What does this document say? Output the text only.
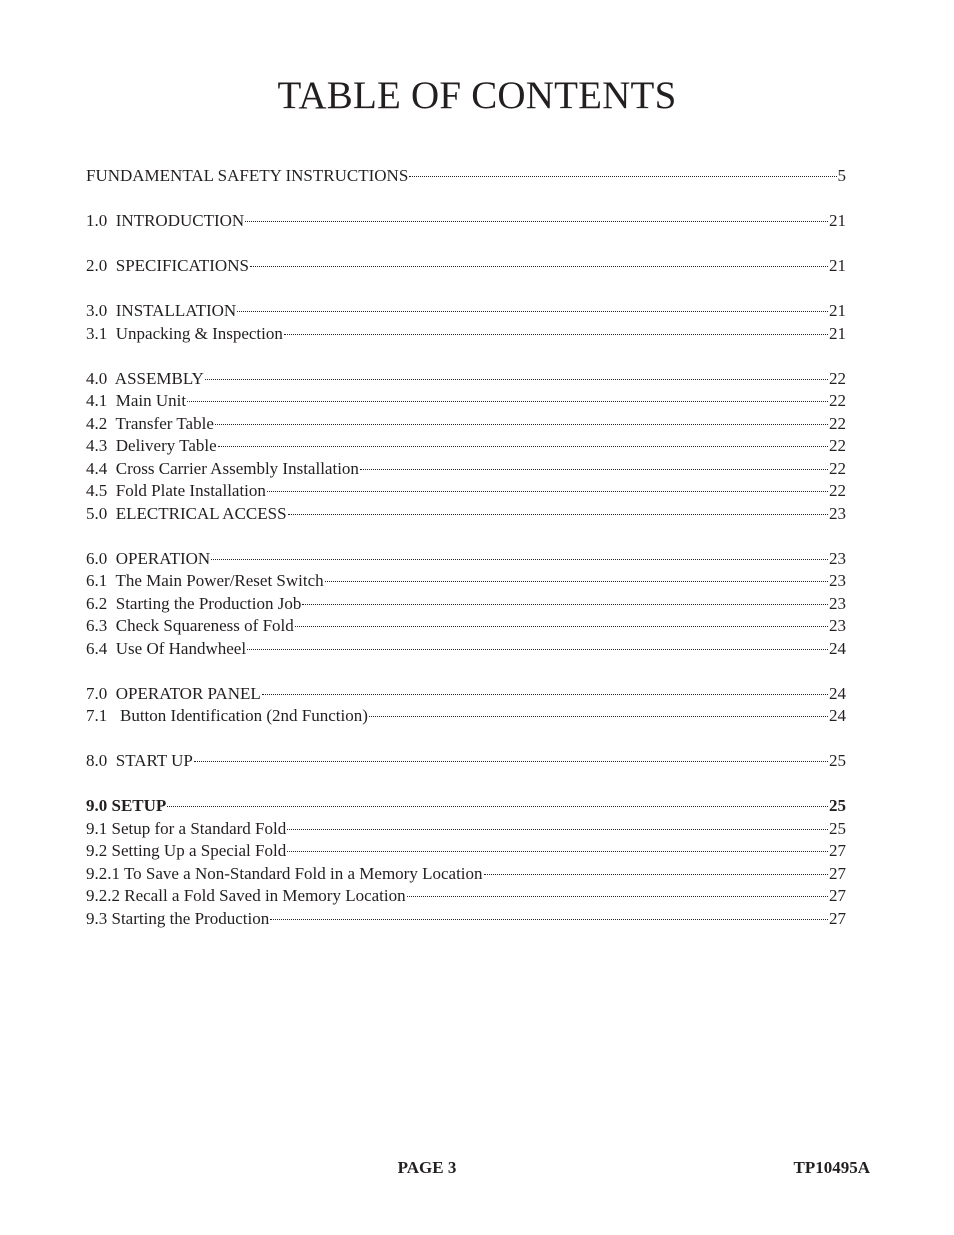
TABLE OF CONTENTS
FUNDAMENTAL SAFETY INSTRUCTIONS	5
1.0  INTRODUCTION	21
2.0  SPECIFICATIONS	21
3.0  INSTALLATION	21
3.1  Unpacking & Inspection	21
4.0  ASSEMBLY	22
4.1  Main Unit	22
4.2  Transfer Table	22
4.3  Delivery Table	22
4.4  Cross Carrier Assembly Installation	22
4.5  Fold Plate Installation	22
5.0  ELECTRICAL ACCESS	23
6.0  OPERATION	23
6.1  The Main Power/Reset Switch	23
6.2  Starting the Production Job	23
6.3  Check Squareness of Fold	23
6.4  Use Of Handwheel	24
7.0  OPERATOR PANEL	24
7.1   Button Identification (2nd Function)	24
8.0  START UP	25
9.0 SETUP	25
9.1 Setup for a Standard Fold	25
9.2 Setting Up a Special Fold	27
9.2.1 To Save a Non-Standard Fold in a Memory Location	27
9.2.2 Recall a Fold Saved in Memory Location	27
9.3 Starting the Production	27
PAGE 3	TP10495A
